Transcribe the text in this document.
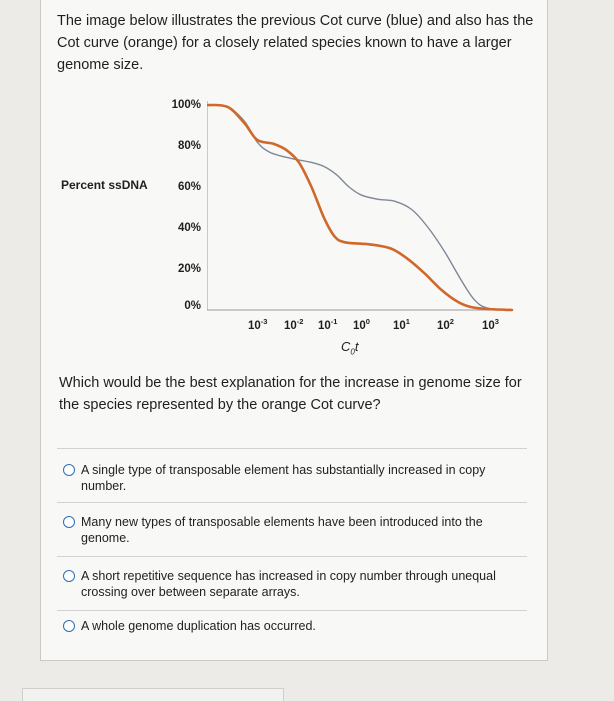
The image below illustrates the previous Cot curve (blue) and also has the Cot curve (orange) for a closely related species known to have a larger genome size.

Percent ssDNA
100%
80%
60%
40%
20%
0%
$10^{-3}$ $10^{-2}$ $10^{-1}$ $10^0$ $10^1$ $10^2$ $10^3$
$C_0t$

Which would be the best explanation for the increase in genome size for the species represented by the orange Cot curve?

A single type of transposable element has substantially increased in copy number.
Many new types of transposable elements have been introduced into the genome.
A short repetitive sequence has increased in copy number through unequal crossing over between separate arrays.
A whole genome duplication has occurred.
